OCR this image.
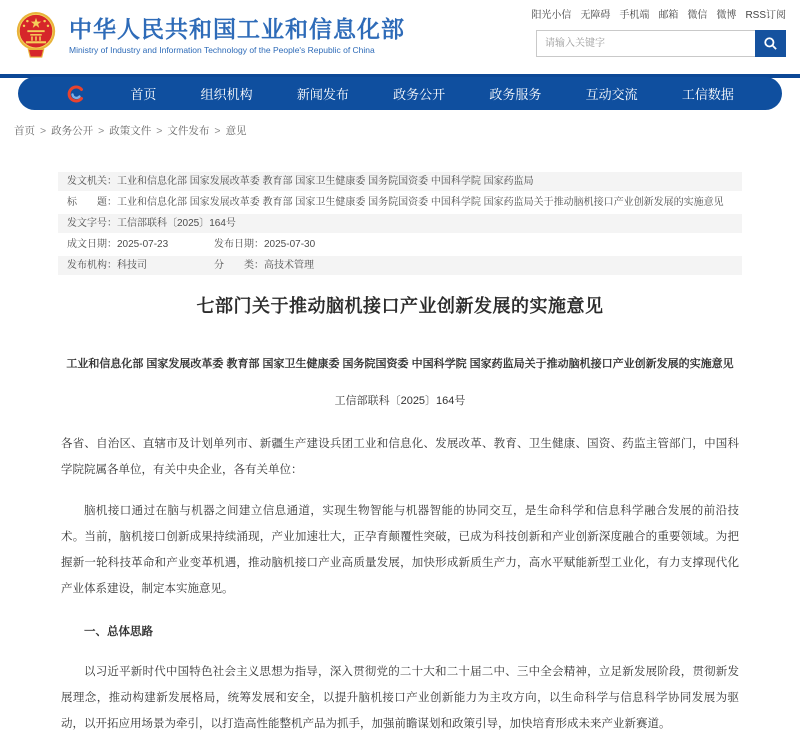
中华人民共和国工业和信息化部
Ministry of Industry and Information Technology of the People's Republic of China
阳光小信 无障碍 手机端 邮箱 微信 微博 RSS订阅
请输入关键字
首页	组织机构	新闻发布	政务公开	政务服务	互动交流	工信数据
首页 > 政务公开 > 政策文件 > 文件发布 > 意见
发文机关： 工业和信息化部 国家发展改革委 教育部 国家卫生健康委 国务院国资委 中国科学院 国家药监局
标　　题： 工业和信息化部 国家发展改革委 教育部 国家卫生健康委 国务院国资委 中国科学院 国家药监局关于推动脑机接口产业创新发展的实施意见
发文字号： 工信部联科〔2025〕164号
成文日期： 2025-07-23	发布日期：2025-07-30
发布机构： 科技司	分　　类：高技术管理
七部门关于推动脑机接口产业创新发展的实施意见
工业和信息化部 国家发展改革委 教育部 国家卫生健康委 国务院国资委 中国科学院 国家药监局关于推动脑机接口产业创新发展的实施意见
工信部联科〔2025〕164号

各省、自治区、直辖市及计划单列市、新疆生产建设兵团工业和信息化、发展改革、教育、卫生健康、国资、药监主管部门，中国科学院院属各单位，有关中央企业，各有关单位：

脑机接口通过在脑与机器之间建立信息通道，实现生物智能与机器智能的协同交互，是生命科学和信息科学融合发展的前沿技术。当前，脑机接口创新成果持续涌现，产业加速壮大，正孕育颠覆性突破，已成为科技创新和产业创新深度融合的重要领域。为把握新一轮科技革命和产业变革机遇，推动脑机接口产业高质量发展，加快形成新质生产力，高水平赋能新型工业化，有力支撑现代化产业体系建设，制定本实施意见。

一、总体思路

以习近平新时代中国特色社会主义思想为指导，深入贯彻党的二十大和二十届二中、三中全会精神，立足新发展阶段，贯彻新发展理念，推动构建新发展格局，统筹发展和安全，以提升脑机接口产业创新能力为主攻方向，以生命科学与信息科学协同发展为驱动，以开拓应用场景为牵引，以打造高性能整机产品为抓手，加强前瞻谋划和政策引导，加快培育形成未来产业新赛道。
